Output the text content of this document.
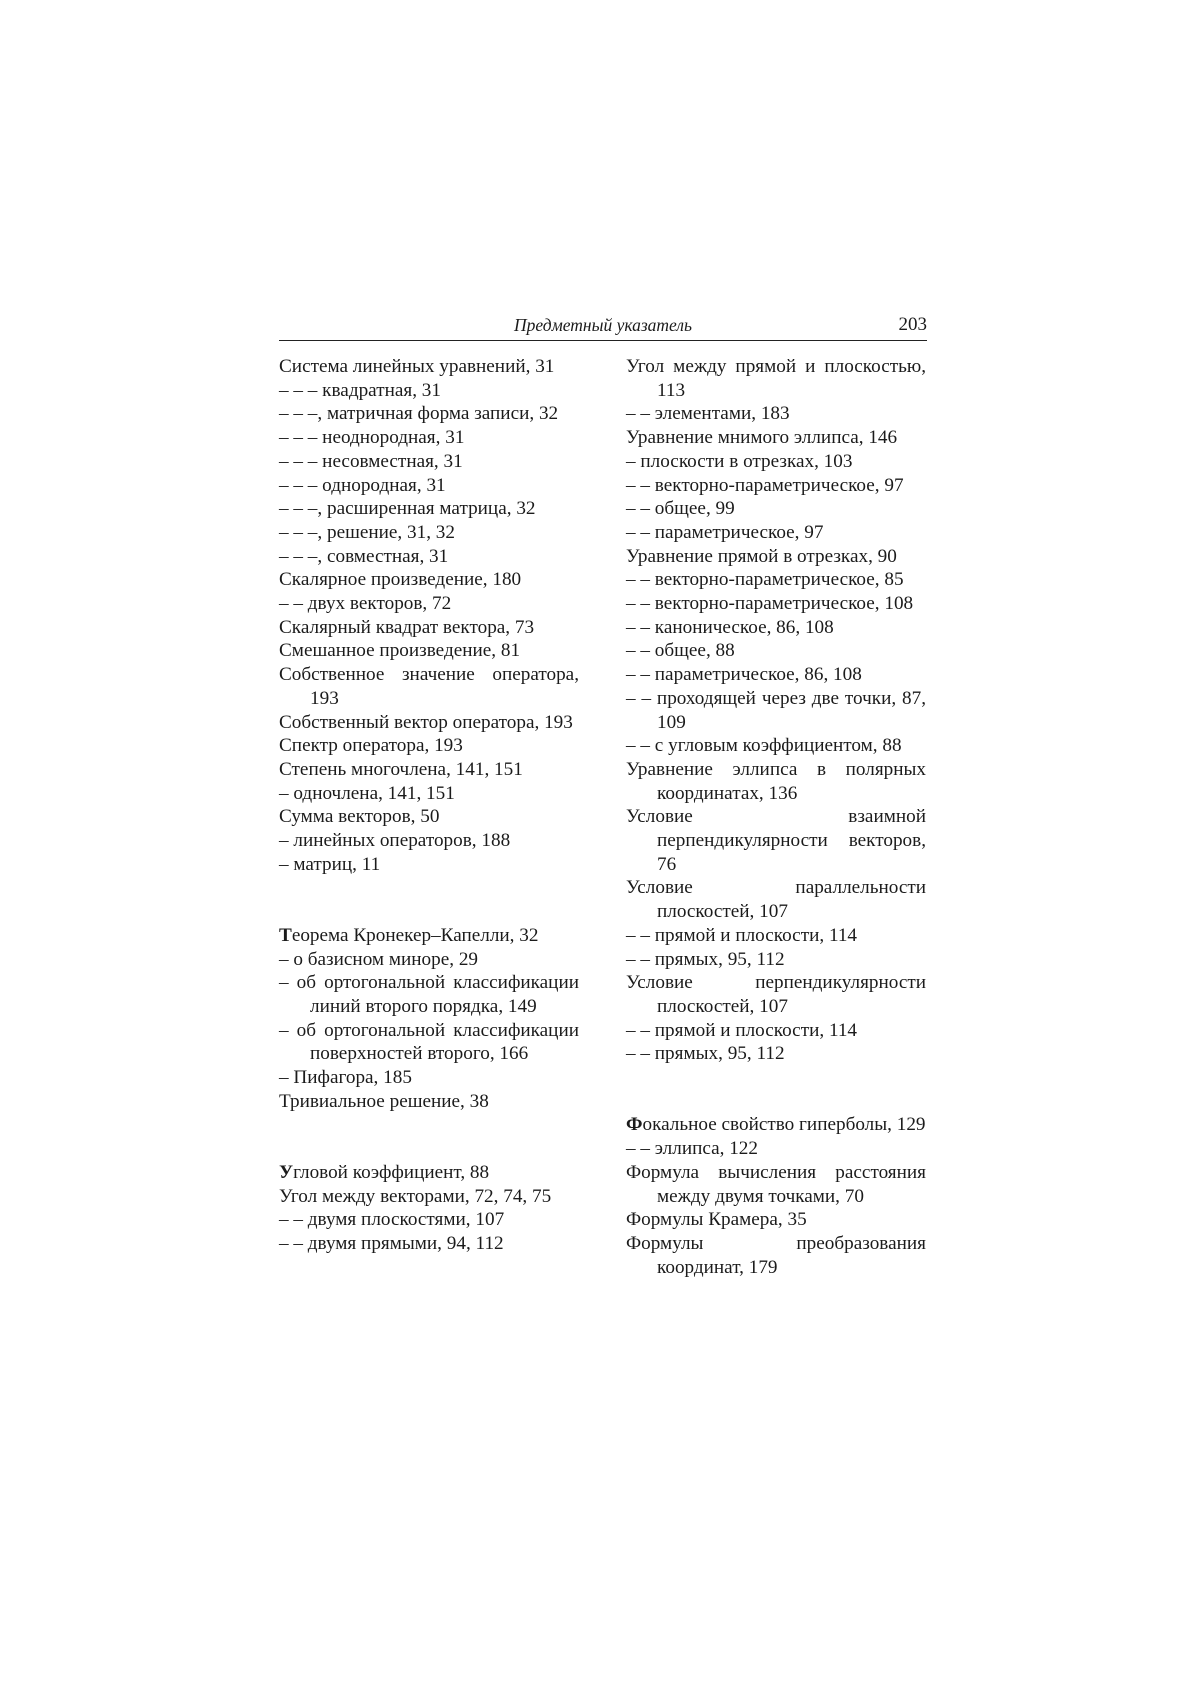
Предметный указатель	203
Система линейных уравнений, 31
– – – квадратная, 31
– – –, матричная форма записи, 32
– – – неоднородная, 31
– – – несовместная, 31
– – – однородная, 31
– – –, расширенная матрица, 32
– – –, решение, 31, 32
– – –, совместная, 31
Скалярное произведение, 180
– – двух векторов, 72
Скалярный квадрат вектора, 73
Смешанное произведение, 81
Собственное значение оператора, 193
Собственный вектор оператора, 193
Спектр оператора, 193
Степень многочлена, 141, 151
– одночлена, 141, 151
Сумма векторов, 50
– линейных операторов, 188
– матриц, 11
Теорема Кронекер–Капелли, 32
– о базисном миноре, 29
– об ортогональной классификации линий второго порядка, 149
– об ортогональной классификации поверхностей второго, 166
– Пифагора, 185
Тривиальное решение, 38
Угловой коэффициент, 88
Угол между векторами, 72, 74, 75
– – двумя плоскостями, 107
– – двумя прямыми, 94, 112
Угол между прямой и плоскостью, 113
– – элементами, 183
Уравнение мнимого эллипса, 146
– плоскости в отрезках, 103
– – векторно-параметрическое, 97
– – общее, 99
– – параметрическое, 97
Уравнение прямой в отрезках, 90
– – векторно-параметрическое, 85
– – векторно-параметрическое, 108
– – каноническое, 86, 108
– – общее, 88
– – параметрическое, 86, 108
– – проходящей через две точки, 87, 109
– – с угловым коэффициентом, 88
Уравнение эллипса в полярных координатах, 136
Условие взаимной перпендикулярности векторов, 76
Условие параллельности плоскостей, 107
– – прямой и плоскости, 114
– – прямых, 95, 112
Условие перпендикулярности плоскостей, 107
– – прямой и плоскости, 114
– – прямых, 95, 112
Фокальное свойство гиперболы, 129
– – эллипса, 122
Формула вычисления расстояния между двумя точками, 70
Формулы Крамера, 35
Формулы преобразования координат, 179
